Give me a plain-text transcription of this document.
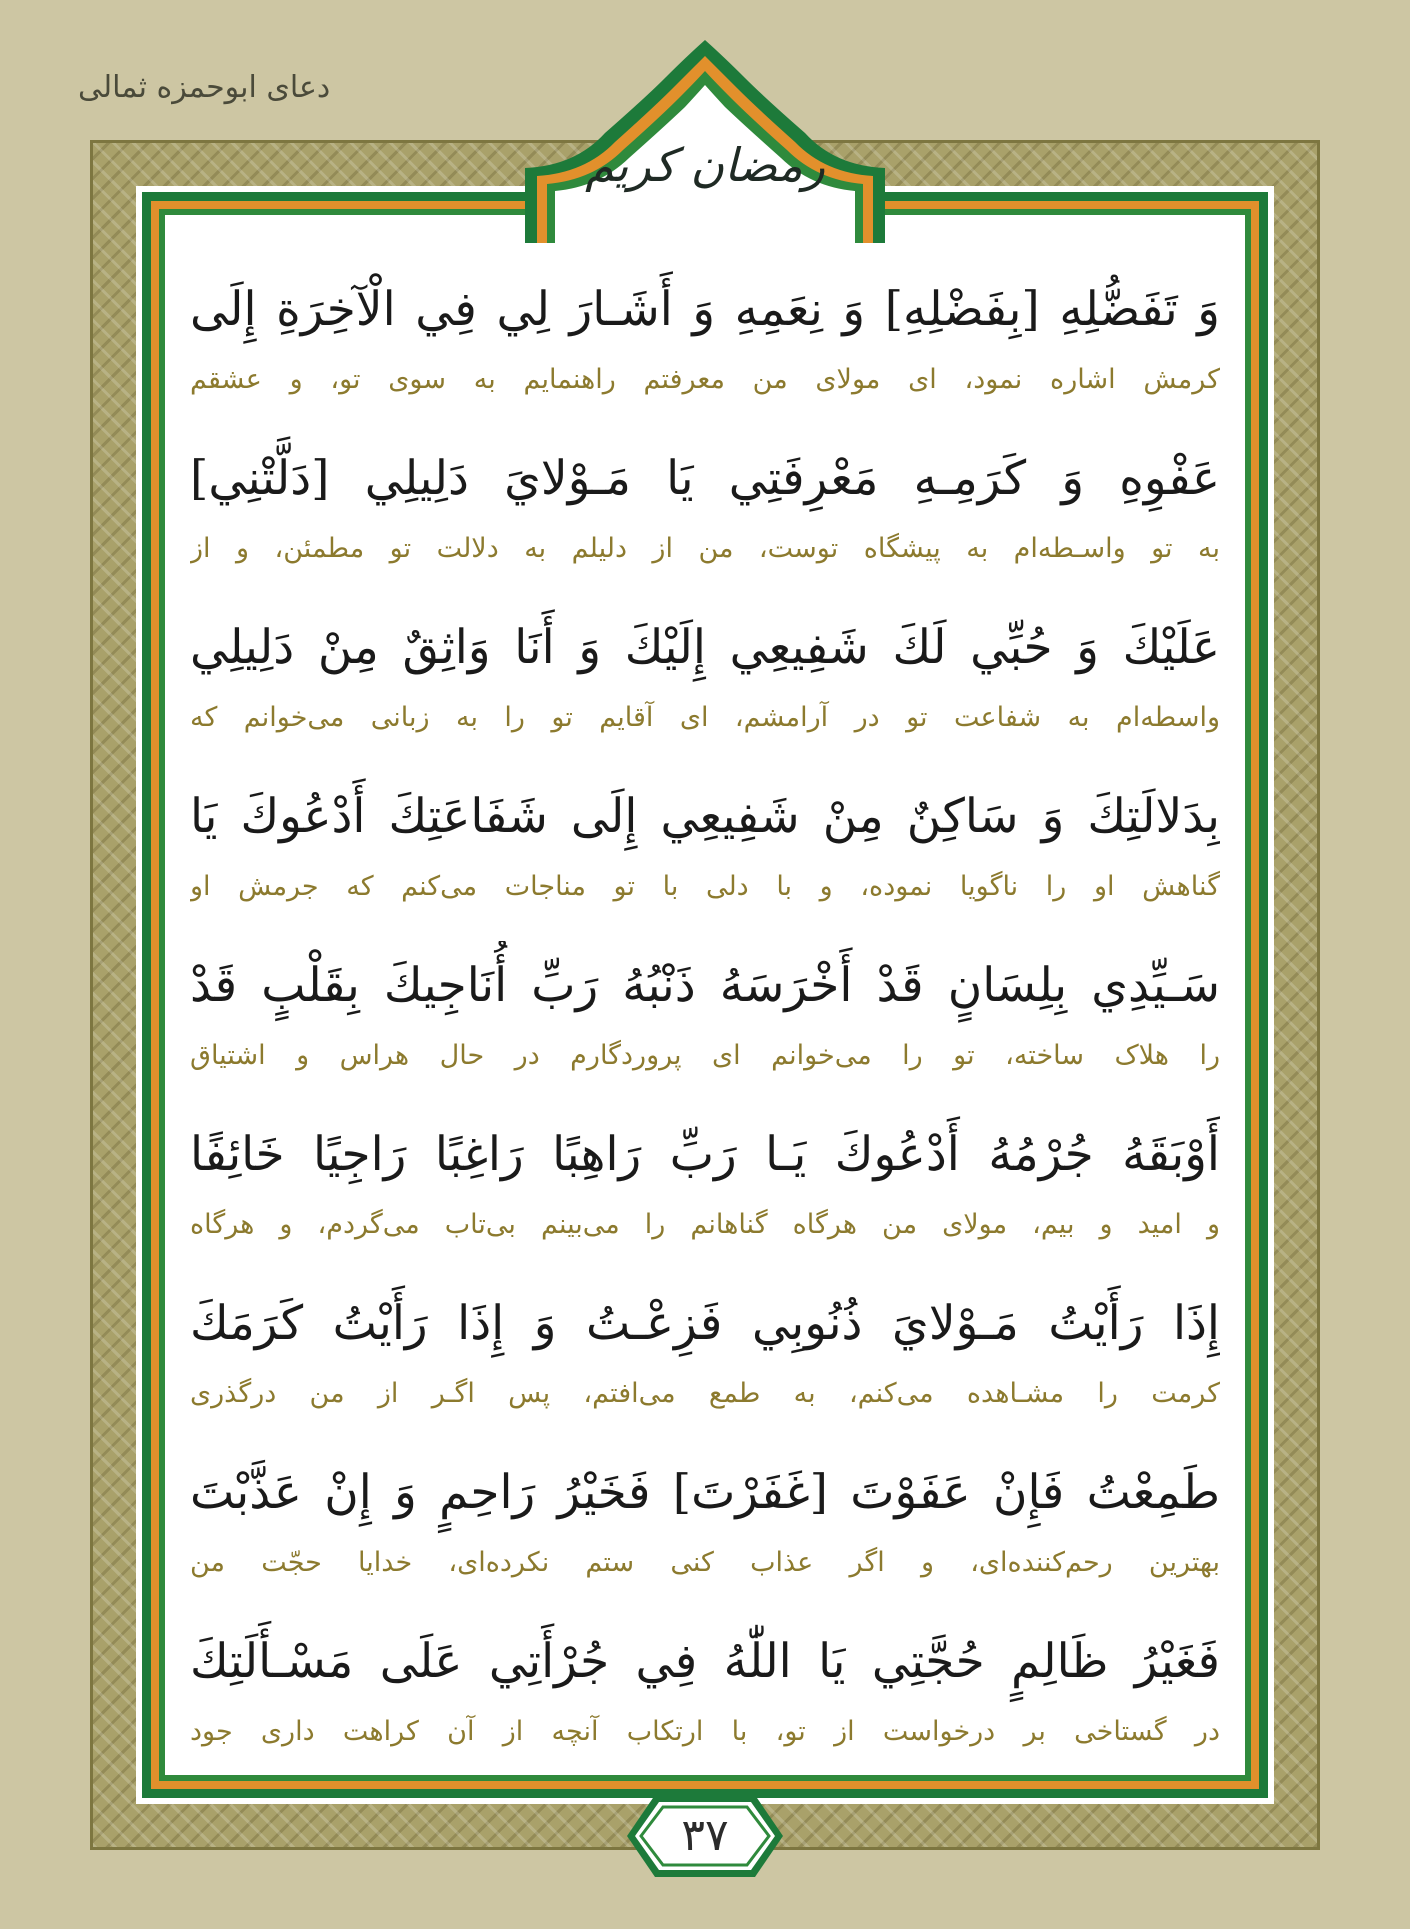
دعای ابوحمزه ثمالی
رمضان کریم
وَ تَفَضُّلِهِ [بِفَضْلِهِ] وَ نِعَمِهِ وَ أَشَـارَ لِي فِي الْآخِرَةِ إِلَى
کرمش اشاره نمود، ای مولای من معرفتم راهنمایم به سوی تو، و عشقم
عَفْوِهِ وَ كَرَمِـهِ مَعْرِفَتِي يَا مَـوْلايَ دَلِيلِي [دَلَّتْنِي]
به تو واسـطه‌ام به پیشگاه توست، من از دلیلم به دلالت تو مطمئن، و از
عَلَيْكَ وَ حُبِّي لَكَ شَفِيعِي إِلَيْكَ وَ أَنَا وَاثِقٌ مِنْ دَلِيلِي
واسطه‌ام به شفاعت تو در آرامشم، ای آقایم تو را به زبانی می‌خوانم که
بِدَلالَتِكَ وَ سَاكِنٌ مِنْ شَفِيعِي إِلَى شَفَاعَتِكَ أَدْعُوكَ يَا
گناهش او را ناگویا نموده، و با دلی با تو مناجات می‌کنم که جرمش او
سَـيِّدِي بِلِسَانٍ قَدْ أَخْرَسَهُ ذَنْبُهُ رَبِّ أُنَاجِيكَ بِقَلْبٍ قَدْ
را هلاک ساخته، تو را می‌خوانم ای پروردگارم در حال هراس و اشتیاق
أَوْبَقَهُ جُرْمُهُ أَدْعُوكَ يَـا رَبِّ رَاهِبًا رَاغِبًا رَاجِيًا خَائِفًا
و امید و بیم، مولای من هرگاه گناهانم را می‌بینم بی‌تاب می‌گردم، و هرگاه
إِذَا رَأَيْتُ مَـوْلايَ ذُنُوبِي فَزِعْـتُ وَ إِذَا رَأَيْتُ كَرَمَكَ
کرمت را مشـاهده می‌کنم، به طمع می‌افتم، پس اگـر از من درگذری
طَمِعْتُ فَإِنْ عَفَوْتَ [غَفَرْتَ] فَخَيْرُ رَاحِمٍ وَ إِنْ عَذَّبْتَ
بهترین رحم‌کننده‌ای، و اگر عذاب کنی ستم نکرده‌ای، خدایا حجّت من
فَغَيْرُ ظَالِمٍ حُجَّتِي يَا اللّٰهُ فِي جُرْأَتِي عَلَى مَسْـأَلَتِكَ
در گستاخی بر درخواست از تو، با ارتکاب آنچه از آن کراهت داری جود
۳۷
